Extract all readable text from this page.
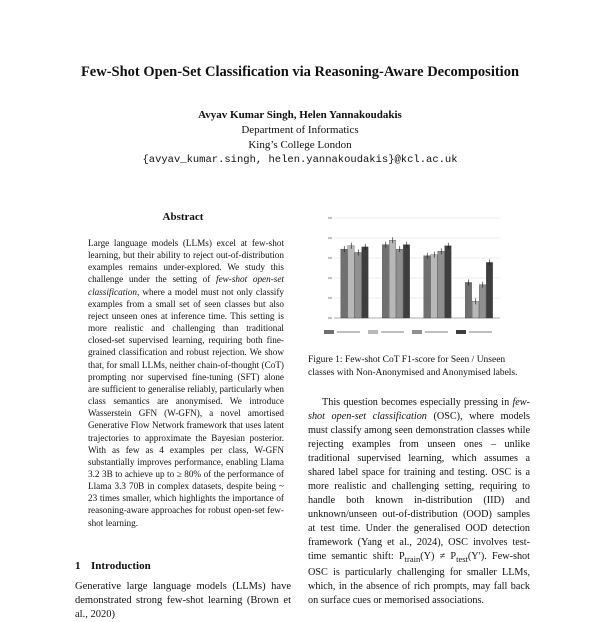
Few-Shot Open-Set Classification via Reasoning-Aware Decomposition
Avyav Kumar Singh, Helen Yannakoudakis
Department of Informatics
King’s College London
{avyav_kumar.singh, helen.yannakoudakis}@kcl.ac.uk
Abstract
Large language models (LLMs) excel at few-shot learning, but their ability to reject out-of-distribution examples remains under-explored. We study this challenge under the setting of few-shot open-set classification, where a model must not only classify examples from a small set of seen classes but also reject unseen ones at inference time. This setting is more realistic and challenging than traditional closed-set supervised learning, requiring both fine-grained classification and robust rejection. We show that, for small LLMs, neither chain-of-thought (CoT) prompting nor supervised fine-tuning (SFT) alone are sufficient to generalise reliably, particularly when class semantics are anonymised. We introduce Wasserstein GFN (W-GFN), a novel amortised Generative Flow Network framework that uses latent trajectories to approximate the Bayesian posterior. With as few as 4 examples per class, W-GFN substantially improves performance, enabling Llama 3.2 3B to achieve up to ≥ 80% of the performance of Llama 3.3 70B in complex datasets, despite being ~ 23 times smaller, which highlights the importance of reasoning-aware approaches for robust open-set few-shot learning.
1 Introduction
Generative large language models (LLMs) have demonstrated strong few-shot learning (Brown et al., 2020)
Figure 1: Few-shot CoT F1-score for Seen / Unseen classes with Non-Anonymised and Anonymised labels.
This question becomes especially pressing in few-shot open-set classification (OSC), where models must classify among seen demonstration classes while rejecting examples from unseen ones – unlike traditional supervised learning, which assumes a shared label space for training and testing. OSC is a more realistic and challenging setting, requiring to handle both known in-distribution (IID) and unknown/unseen out-of-distribution (OOD) samples at test time. Under the generalised OOD detection framework (Yang et al., 2024), OSC involves test-time semantic shift: $P_{train}(Y) \ne P_{test}(Y')$. Few-shot OSC is particularly challenging for smaller LLMs, which, in the absence of rich prompts, may fall back on surface cues or memorised associations.
